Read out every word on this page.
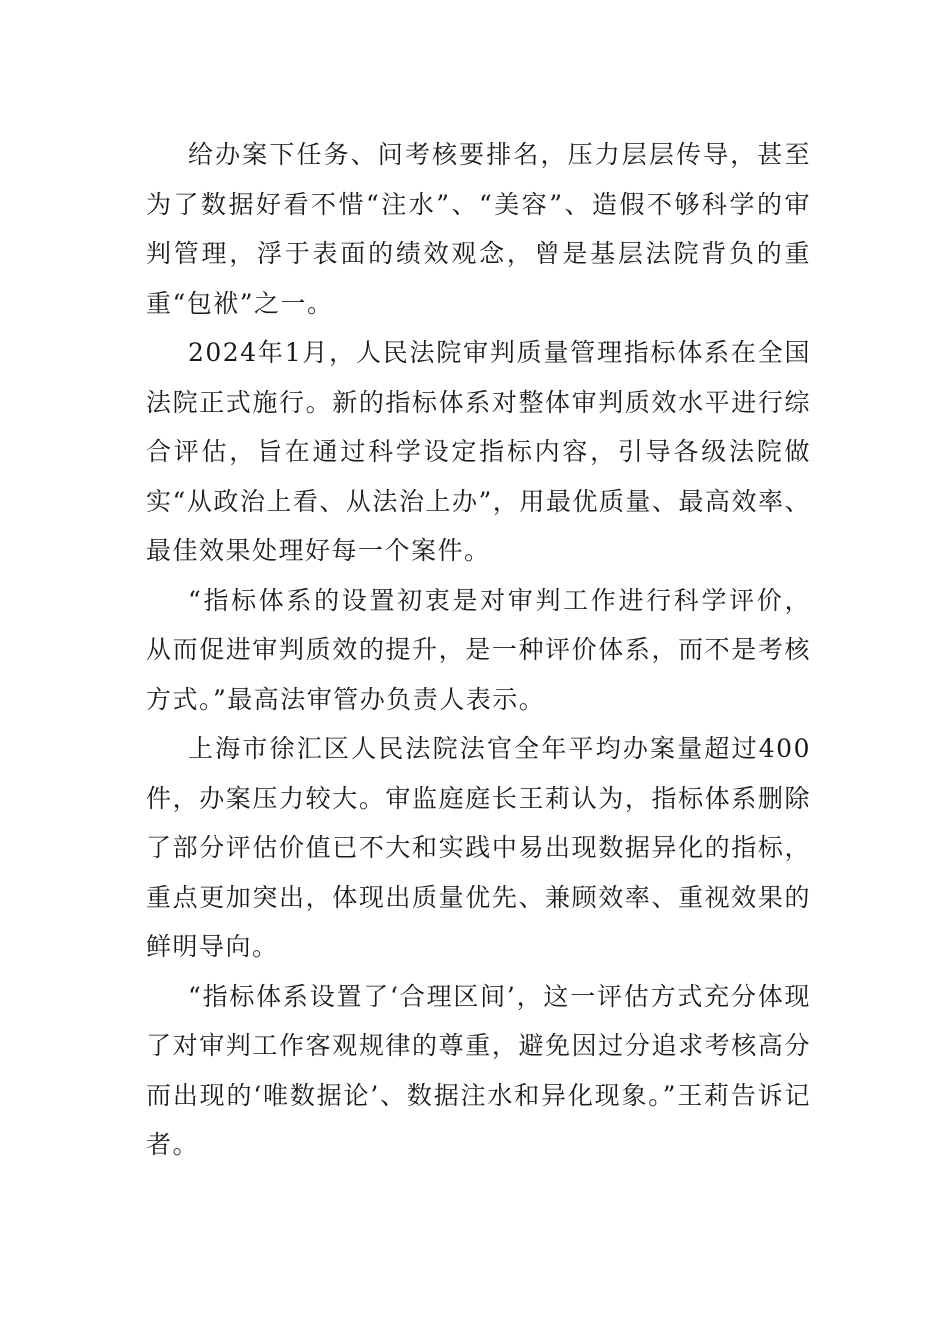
给办案下任务、问考核要排名，压力层层传导，甚至为了数据好看不惜“注水”、“美容”、造假不够科学的审判管理，浮于表面的绩效观念，曾是基层法院背负的重重“包袱”之一。

2024年1月，人民法院审判质量管理指标体系在全国法院正式施行。新的指标体系对整体审判质效水平进行综合评估，旨在通过科学设定指标内容，引导各级法院做实“从政治上看、从法治上办”，用最优质量、最高效率、最佳效果处理好每一个案件。

“指标体系的设置初衷是对审判工作进行科学评价，从而促进审判质效的提升，是一种评价体系，而不是考核方式。”最高法审管办负责人表示。

上海市徐汇区人民法院法官全年平均办案量超过400件，办案压力较大。审监庭庭长王莉认为，指标体系删除了部分评估价值已不大和实践中易出现数据异化的指标，重点更加突出，体现出质量优先、兼顾效率、重视效果的鲜明导向。

“指标体系设置了‘合理区间’，这一评估方式充分体现了对审判工作客观规律的尊重，避免因过分追求考核高分而出现的‘唯数据论’、数据注水和异化现象。”王莉告诉记者。
